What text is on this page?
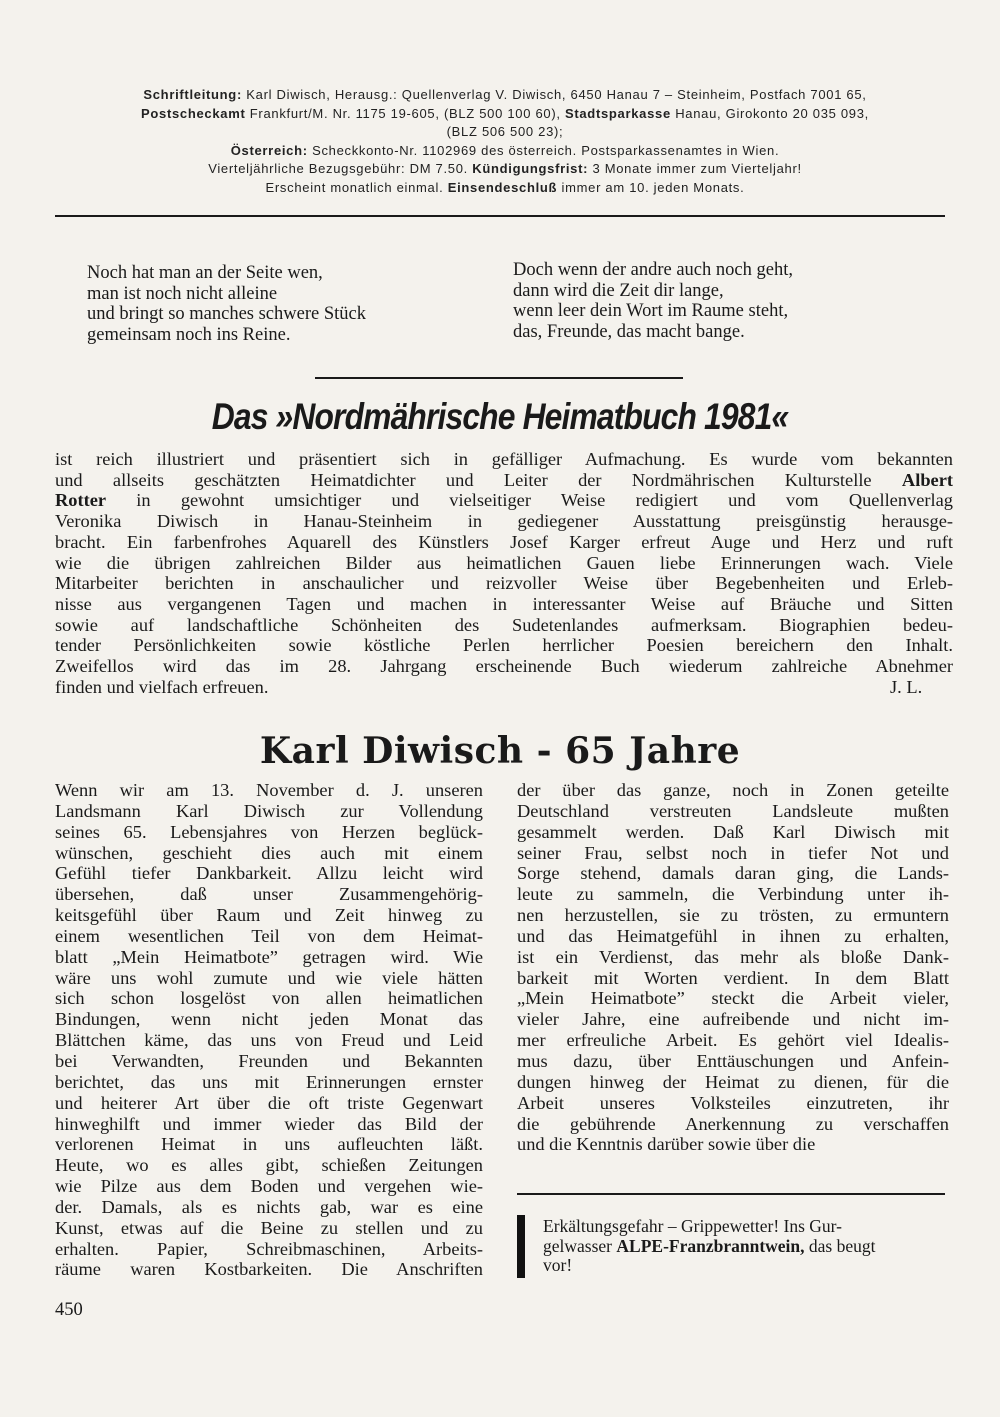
Schriftleitung: Karl Diwisch, Herausg.: Quellenverlag V. Diwisch, 6450 Hanau 7 – Steinheim, Postfach 7001 65,
Postscheckamt Frankfurt/M. Nr. 1175 19-605, (BLZ 500 100 60), Stadtsparkasse Hanau, Girokonto 20 035 093,
(BLZ 506 500 23);
Österreich: Scheckkonto-Nr. 1102969 des österreich. Postsparkassenamtes in Wien.
Vierteljährliche Bezugsgebühr: DM 7.50. Kündigungsfrist: 3 Monate immer zum Vierteljahr!
Erscheint monatlich einmal. Einsendeschluß immer am 10. jeden Monats.
Noch hat man an der Seite wen,
man ist noch nicht alleine
und bringt so manches schwere Stück
gemeinsam noch ins Reine.
Doch wenn der andre auch noch geht,
dann wird die Zeit dir lange,
wenn leer dein Wort im Raume steht,
das, Freunde, das macht bange.
Das »Nordmährische Heimatbuch 1981«
ist reich illustriert und präsentiert sich in gefälliger Aufmachung. Es wurde vom bekannten
und allseits geschätzten Heimatdichter und Leiter der Nordmährischen Kulturstelle Albert
Rotter in gewohnt umsichtiger und vielseitiger Weise redigiert und vom Quellenverlag
Veronika Diwisch in Hanau-Steinheim in gediegener Ausstattung preisgünstig herausge-
bracht. Ein farbenfrohes Aquarell des Künstlers Josef Karger erfreut Auge und Herz und ruft
wie die übrigen zahlreichen Bilder aus heimatlichen Gauen liebe Erinnerungen wach. Viele
Mitarbeiter berichten in anschaulicher und reizvoller Weise über Begebenheiten und Erleb-
nisse aus vergangenen Tagen und machen in interessanter Weise auf Bräuche und Sitten
sowie auf landschaftliche Schönheiten des Sudetenlandes aufmerksam. Biographien bedeu-
tender Persönlichkeiten sowie köstliche Perlen herrlicher Poesien bereichern den Inhalt.
Zweifellos wird das im 28. Jahrgang erscheinende Buch wiederum zahlreiche Abnehmer
finden und vielfach erfreuen.	J. L.
Karl Diwisch - 65 Jahre
Wenn wir am 13. November d. J. unseren
Landsmann Karl Diwisch zur Vollendung
seines 65. Lebensjahres von Herzen beglück-
wünschen, geschieht dies auch mit einem
Gefühl tiefer Dankbarkeit. Allzu leicht wird
übersehen, daß unser Zusammengehörig-
keitsgefühl über Raum und Zeit hinweg zu
einem wesentlichen Teil von dem Heimat-
blatt „Mein Heimatbote” getragen wird. Wie
wäre uns wohl zumute und wie viele hätten
sich schon losgelöst von allen heimatlichen
Bindungen, wenn nicht jeden Monat das
Blättchen käme, das uns von Freud und Leid
bei Verwandten, Freunden und Bekannten
berichtet, das uns mit Erinnerungen ernster
und heiterer Art über die oft triste Gegenwart
hinweghilft und immer wieder das Bild der
verlorenen Heimat in uns aufleuchten läßt.
Heute, wo es alles gibt, schießen Zeitungen
wie Pilze aus dem Boden und vergehen wie-
der. Damals, als es nichts gab, war es eine
Kunst, etwas auf die Beine zu stellen und zu
erhalten. Papier, Schreibmaschinen, Arbeits-
räume waren Kostbarkeiten. Die Anschriften
der über das ganze, noch in Zonen geteilte
Deutschland verstreuten Landsleute mußten
gesammelt werden. Daß Karl Diwisch mit
seiner Frau, selbst noch in tiefer Not und
Sorge stehend, damals daran ging, die Lands-
leute zu sammeln, die Verbindung unter ih-
nen herzustellen, sie zu trösten, zu ermuntern
und das Heimatgefühl in ihnen zu erhalten,
ist ein Verdienst, das mehr als bloße Dank-
barkeit mit Worten verdient. In dem Blatt
„Mein Heimatbote” steckt die Arbeit vieler,
vieler Jahre, eine aufreibende und nicht im-
mer erfreuliche Arbeit. Es gehört viel Idealis-
mus dazu, über Enttäuschungen und Anfein-
dungen hinweg der Heimat zu dienen, für die
Arbeit unseres Volksteiles einzutreten, ihr
die gebührende Anerkennung zu verschaffen
und die Kenntnis darüber sowie über die
Erkältungsgefahr – Grippewetter! Ins Gur-
gelwasser ALPE-Franzbranntwein, das beugt
vor!
450
